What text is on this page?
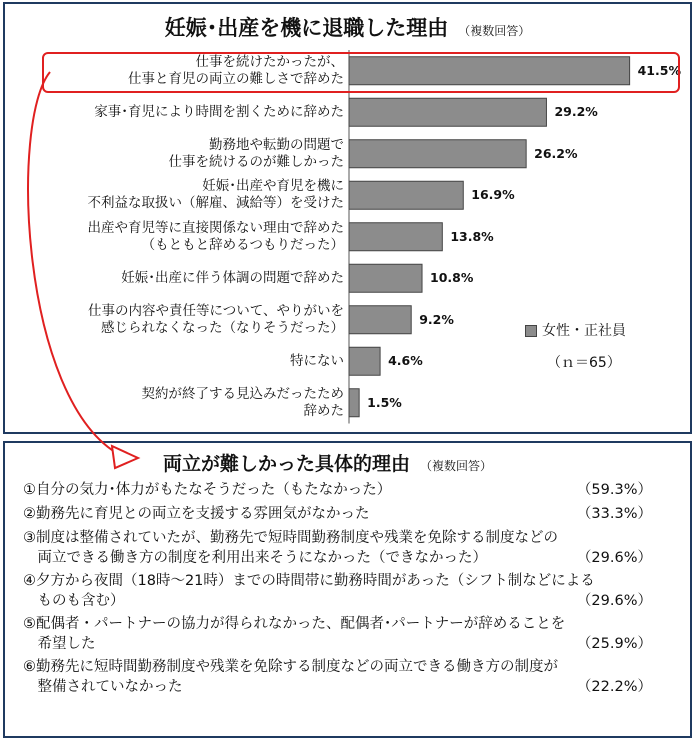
妊娠･出産を機に退職した理由 （複数回答）
仕事を続けたかったが、
仕事と育児の両立の難しさで辞めた
家事･育児により時間を割くために辞めた
勤務地や転勤の問題で
仕事を続けるのが難しかった
妊娠･出産や育児を機に
不利益な取扱い（解雇、減給等）を受けた
出産や育児等に直接関係ない理由で辞めた
（もともと辞めるつもりだった）
妊娠･出産に伴う体調の問題で辞めた
仕事の内容や責任等について、やりがいを
感じられなくなった（なりそうだった）
特にない
契約が終了する見込みだったため
辞めた
41.5%
29.2%
26.2%
16.9%
13.8%
10.8%
9.2%
4.6%
1.5%
女性・正社員
（ｎ＝65）
両立が難しかった具体的理由 （複数回答）
①自分の気力･体力がもたなそうだった（もたなかった）	（59.3%）
②勤務先に育児との両立を支援する雰囲気がなかった	（33.3%）
③制度は整備されていたが、勤務先で短時間勤務制度や残業を免除する制度などの
　両立できる働き方の制度を利用出来そうになかった（できなかった）	（29.6%）
④夕方から夜間（18時～21時）までの時間帯に勤務時間があった（シフト制などによる
　ものも含む）	（29.6%）
⑤配偶者・パートナーの協力が得られなかった、配偶者･パートナーが辞めることを
　希望した	（25.9%）
⑥勤務先に短時間勤務制度や残業を免除する制度などの両立できる働き方の制度が
　整備されていなかった	（22.2%）
